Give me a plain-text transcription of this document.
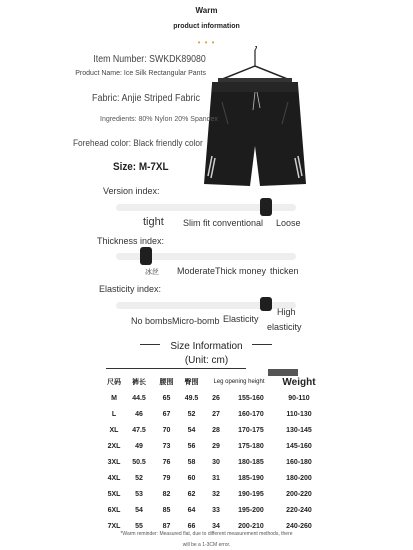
Warm
product information
• • •
Item Number: SWKDK89080
Product Name: Ice Silk Rectangular Pants
Fabric: Anjie Striped Fabric
Ingredients: 80% Nylon 20% Spandex
Forehead color: Black friendly color
Size: M-7XL
Version index:
tight Slim fit conventional Loose
Thickness index:
冰丝 ModerateThick money thicken
Elasticity index:
No bombsMicro-bomb Elasticity
High
elasticity
Size Information
(Unit: cm)
尺码	裤长	腰围	臀围	Leg opening height		Weight
M	44.5	65	49.5	26	155-160	90-110
L	46	67	52	27	160-170	110-130
XL	47.5	70	54	28	170-175	130-145
2XL	49	73	56	29	175-180	145-160
3XL	50.5	76	58	30	180-185	160-180
4XL	52	79	60	31	185-190	180-200
5XL	53	82	62	32	190-195	200-220
6XL	54	85	64	33	195-200	220-240
7XL	55	87	66	34	200-210	240-260
*Warm reminder: Measured flat, due to different measurement methods, there
will be a 1-3CM error.
